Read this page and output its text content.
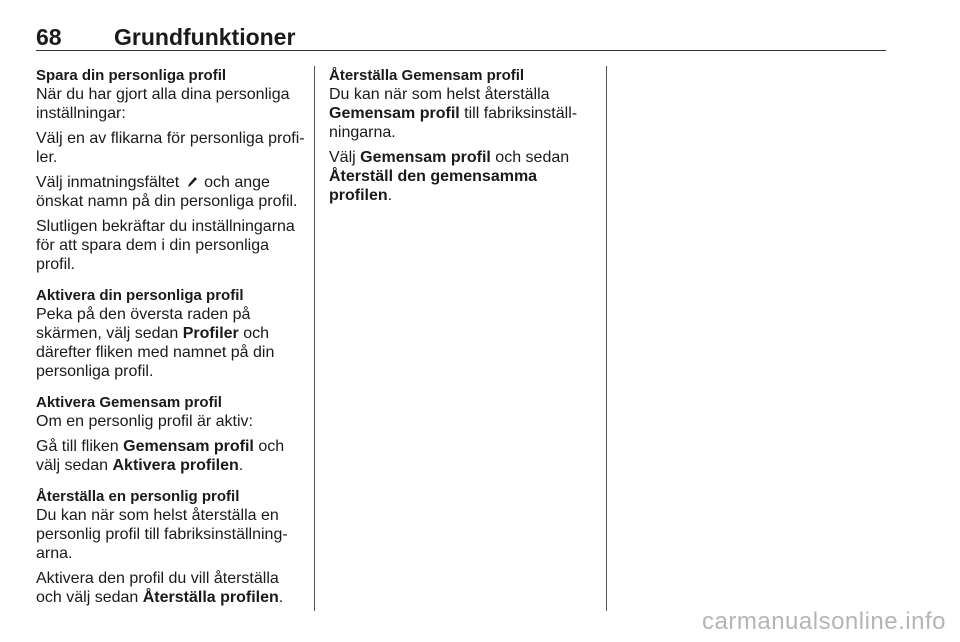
68 Grundfunktioner

Spara din personliga profil

När du har gjort alla dina personliga inställningar:

Välj en av flikarna för personliga profi- ler.

Välj inmatningsfältet och ange önskat namn på din personliga profil.

Slutligen bekräftar du inställningarna för att spara dem i din personliga profil.

Aktivera din personliga profil

Peka på den översta raden på skärmen, välj sedan Profiler och därefter fliken med namnet på din personliga profil.

Aktivera Gemensam profil

Om en personlig profil är aktiv:

Gå till fliken Gemensam profil och välj sedan Aktivera profilen.

Återställa en personlig profil

Du kan när som helst återställa en personlig profil till fabriksinställning- arna.

Aktivera den profil du vill återställa och välj sedan Återställa profilen.

Återställa Gemensam profil

Du kan när som helst återställa Gemensam profil till fabriksinställ- ningarna.

Välj Gemensam profil och sedan Återställ den gemensamma profilen.

carmanualsonline.info
